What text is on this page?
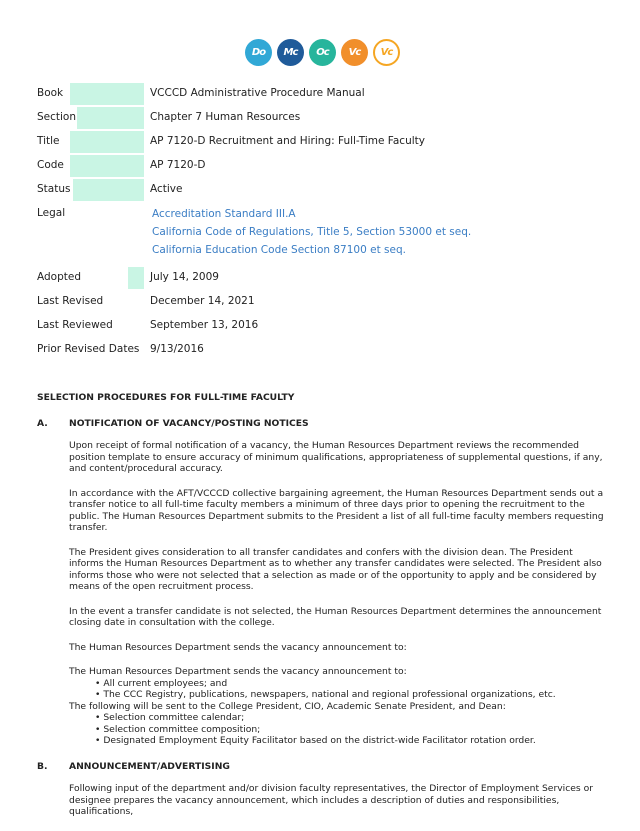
Do	Mc	Oc	Vc	Vc
Book	VCCCD Administrative Procedure Manual
Section	Chapter 7 Human Resources
Title	AP 7120-D Recruitment and Hiring: Full-Time Faculty
Code	AP 7120-D
Status	Active
Legal	Accreditation Standard III.A
California Code of Regulations, Title 5, Section 53000 et seq.
California Education Code Section 87100 et seq.
Adopted	July 14, 2009
Last Revised	December 14, 2021
Last Reviewed	September 13, 2016
Prior Revised Dates 9/13/2016
SELECTION PROCEDURES FOR FULL-TIME FACULTY
A.	NOTIFICATION OF VACANCY/POSTING NOTICES

Upon receipt of formal notification of a vacancy, the Human Resources Department reviews the recommended position template to ensure accuracy of minimum qualifications, appropriateness of supplemental questions, if any, and content/procedural accuracy.

In accordance with the AFT/VCCCD collective bargaining agreement, the Human Resources Department sends out a transfer notice to all full-time faculty members a minimum of three days prior to opening the recruitment to the public. The Human Resources Department submits to the President a list of all full-time faculty members requesting transfer.

The President gives consideration to all transfer candidates and confers with the division dean. The President informs the Human Resources Department as to whether any transfer candidates were selected. The President also informs those who were not selected that a selection as made or of the opportunity to apply and be considered by means of the open recruitment process.

In the event a transfer candidate is not selected, the Human Resources Department determines the announcement closing date in consultation with the college.

The Human Resources Department sends the vacancy announcement to:

The Human Resources Department sends the vacancy announcement to:
• All current employees; and
• The CCC Registry, publications, newspapers, national and regional professional organizations, etc.
The following will be sent to the College President, CIO, Academic Senate President, and Dean:
• Selection committee calendar;
• Selection committee composition;
• Designated Employment Equity Facilitator based on the district-wide Facilitator rotation order.
B.	ANNOUNCEMENT/ADVERTISING

Following input of the department and/or division faculty representatives, the Director of Employment Services or designee prepares the vacancy announcement, which includes a description of duties and responsibilities, qualifications,
